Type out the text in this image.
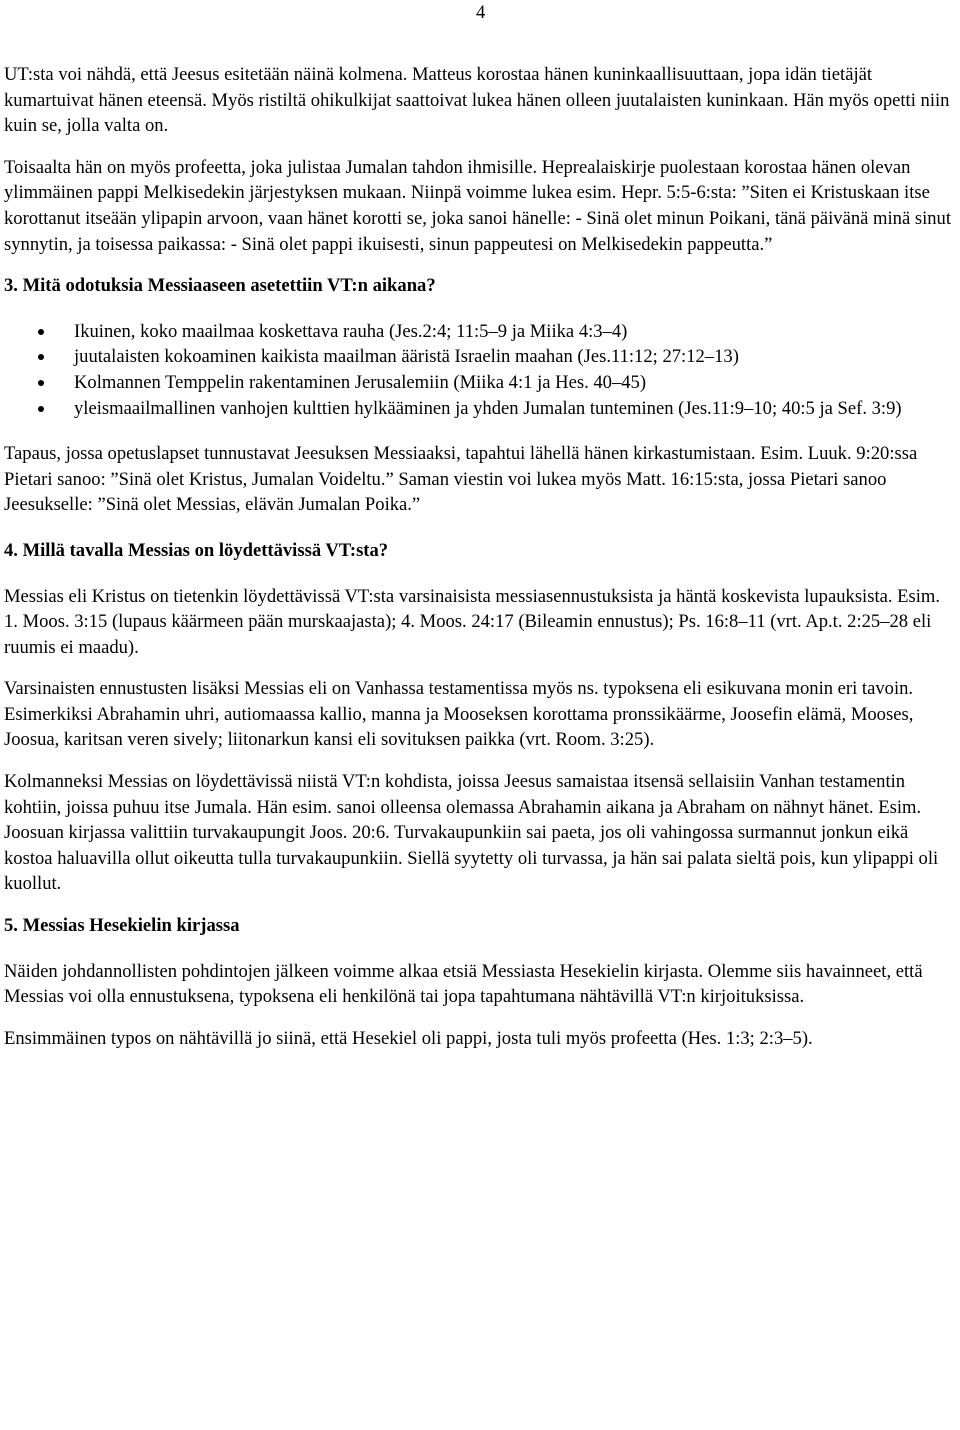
4

UT:sta voi nähdä, että Jeesus esitetään näinä kolmena. Matteus korostaa hänen kuninkaallisuuttaan, jopa idän tietäjät kumartuivat hänen eteensä. Myös ristiltä ohikulkijat saattoivat lukea hänen olleen juutalaisten kuninkaan. Hän myös opetti niin kuin se, jolla valta on.

Toisaalta hän on myös profeetta, joka julistaa Jumalan tahdon ihmisille. Heprealaiskirje puolestaan korostaa hänen olevan ylimmäinen pappi Melkisedekin järjestyksen mukaan. Niinpä voimme lukea esim. Hepr. 5:5-6:sta: ”Siten ei Kristuskaan itse korottanut itseään ylipapin arvoon, vaan hänet korotti se, joka sanoi hänelle: - Sinä olet minun Poikani, tänä päivänä minä sinut synnytin, ja toisessa paikassa: - Sinä olet pappi ikuisesti, sinun pappeutesi on Melkisedekin pappeutta.”

3. Mitä odotuksia Messiaaseen asetettiin VT:n aikana?
Ikuinen, koko maailmaa koskettava rauha (Jes.2:4; 11:5–9 ja Miika 4:3–4)
juutalaisten kokoaminen kaikista maailman ääristä Israelin maahan (Jes.11:12; 27:12–13)
Kolmannen Temppelin rakentaminen Jerusalemiin (Miika 4:1 ja Hes. 40–45)
yleismaailmallinen vanhojen kulttien hylkääminen ja yhden Jumalan tunteminen (Jes.11:9–10; 40:5 ja Sef. 3:9)

Tapaus, jossa opetuslapset tunnustavat Jeesuksen Messiaaksi, tapahtui lähellä hänen kirkastumistaan. Esim. Luuk. 9:20:ssa Pietari sanoo: ”Sinä olet Kristus, Jumalan Voideltu.” Saman viestin voi lukea myös Matt. 16:15:sta, jossa Pietari sanoo Jeesukselle: ”Sinä olet Messias, elävän Jumalan Poika.”

4. Millä tavalla Messias on löydettävissä VT:sta?

Messias eli Kristus on tietenkin löydettävissä VT:sta varsinaisista messiasennustuksista ja häntä koskevista lupauksista. Esim. 1. Moos. 3:15 (lupaus käärmeen pään murskaajasta); 4. Moos. 24:17 (Bileamin ennustus); Ps. 16:8–11 (vrt. Ap.t. 2:25–28 eli ruumis ei maadu).

Varsinaisten ennustusten lisäksi Messias eli on Vanhassa testamentissa myös ns. typoksena eli esikuvana monin eri tavoin. Esimerkiksi Abrahamin uhri, autiomaassa kallio, manna ja Mooseksen korottama pronssikäärme, Joosefin elämä, Mooses, Joosua, karitsan veren sively; liitonarkun kansi eli sovituksen paikka (vrt. Room. 3:25).

Kolmanneksi Messias on löydettävissä niistä VT:n kohdista, joissa Jeesus samaistaa itsensä sellaisiin Vanhan testamentin kohtiin, joissa puhuu itse Jumala. Hän esim. sanoi olleensa olemassa Abrahamin aikana ja Abraham on nähnyt hänet. Esim. Joosuan kirjassa valittiin turvakaupungit Joos. 20:6. Turvakaupunkiin sai paeta, jos oli vahingossa surmannut jonkun eikä kostoa haluavilla ollut oikeutta tulla turvakaupunkiin. Siellä syytetty oli turvassa, ja hän sai palata sieltä pois, kun ylipappi oli kuollut.

5. Messias Hesekielin kirjassa

Näiden johdannollisten pohdintojen jälkeen voimme alkaa etsiä Messiasta Hesekielin kirjasta. Olemme siis havainneet, että Messias voi olla ennustuksena, typoksena eli henkilönä tai jopa tapahtumana nähtävillä VT:n kirjoituksissa.

Ensimmäinen typos on nähtävillä jo siinä, että Hesekiel oli pappi, josta tuli myös profeetta (Hes. 1:3; 2:3–5).
